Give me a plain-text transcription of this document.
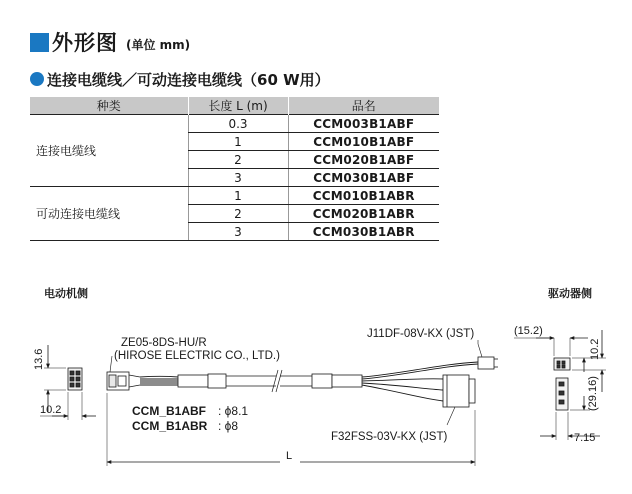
外形图 (单位 mm)
连接电缆线／可动连接电缆线（60 W用）
种类	长度 L (m)	品名
连接电缆线	0.3	CCM003B1ABF
	1	CCM010B1ABF
	2	CCM020B1ABF
	3	CCM030B1ABF
可动连接电缆线	1	CCM010B1ABR
	2	CCM020B1ABR
	3	CCM030B1ABR
电动机侧	驱动器侧
ZE05-8DS-HU/R
(HIROSE ELECTRIC CO., LTD.)
J11DF-08V-KX (JST)
F32FSS-03V-KX (JST)
CCM_B1ABF : ϕ8.1
CCM_B1ABR : ϕ8
13.6
10.2
L
(15.2)
10.2
(29.16)
7.15
